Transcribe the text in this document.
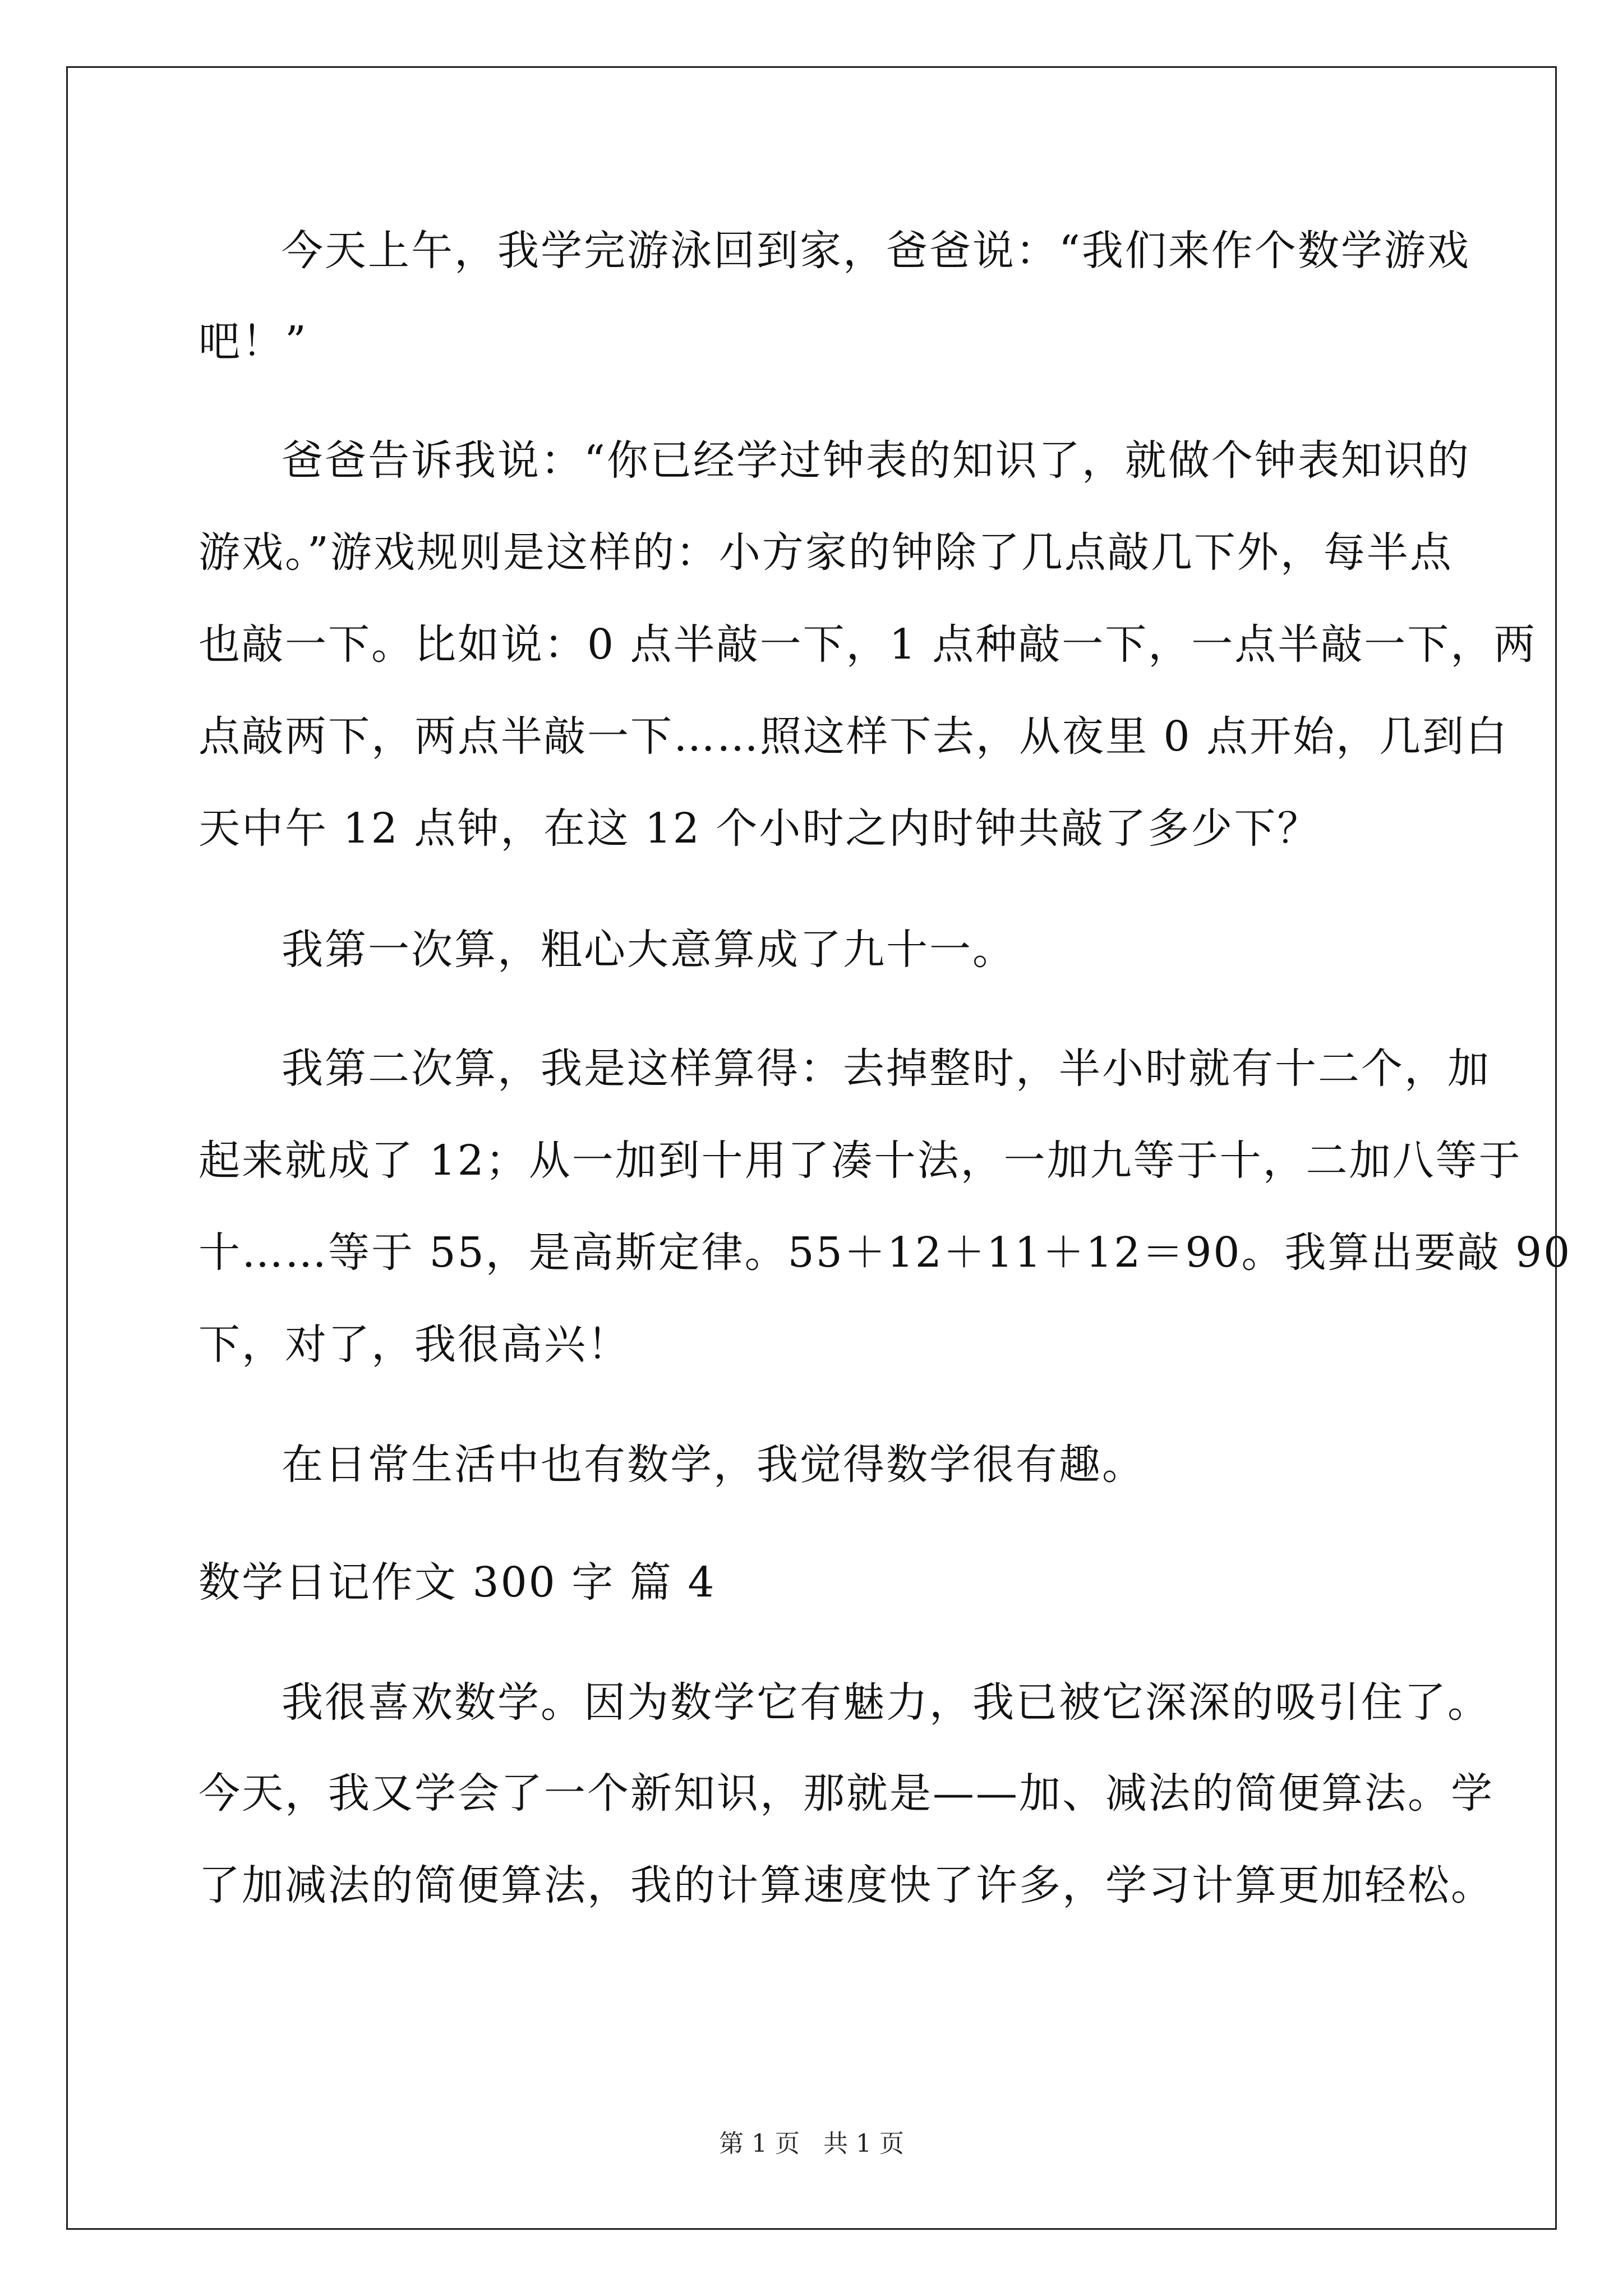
今天上午，我学完游泳回到家，爸爸说：“我们来作个数学游戏

吧！”

爸爸告诉我说：“你已经学过钟表的知识了，就做个钟表知识的

游戏。”游戏规则是这样的：小方家的钟除了几点敲几下外，每半点

也敲一下。比如说：0 点半敲一下，1 点种敲一下，一点半敲一下，两

点敲两下，两点半敲一下……照这样下去，从夜里 0 点开始，几到白

天中午 12 点钟，在这 12 个小时之内时钟共敲了多少下？

我第一次算，粗心大意算成了九十一。

我第二次算，我是这样算得：去掉整时，半小时就有十二个，加

起来就成了 12；从一加到十用了凑十法，一加九等于十，二加八等于

十……等于 55，是高斯定律。55＋12＋11＋12＝90。我算出要敲 90

下，对了，我很高兴！

在日常生活中也有数学，我觉得数学很有趣。

数学日记作文 300 字 篇 4

我很喜欢数学。因为数学它有魅力，我已被它深深的吸引住了。

今天，我又学会了一个新知识，那就是——加、减法的简便算法。学

了加减法的简便算法，我的计算速度快了许多，学习计算更加轻松。

第 1 页 共 1 页
